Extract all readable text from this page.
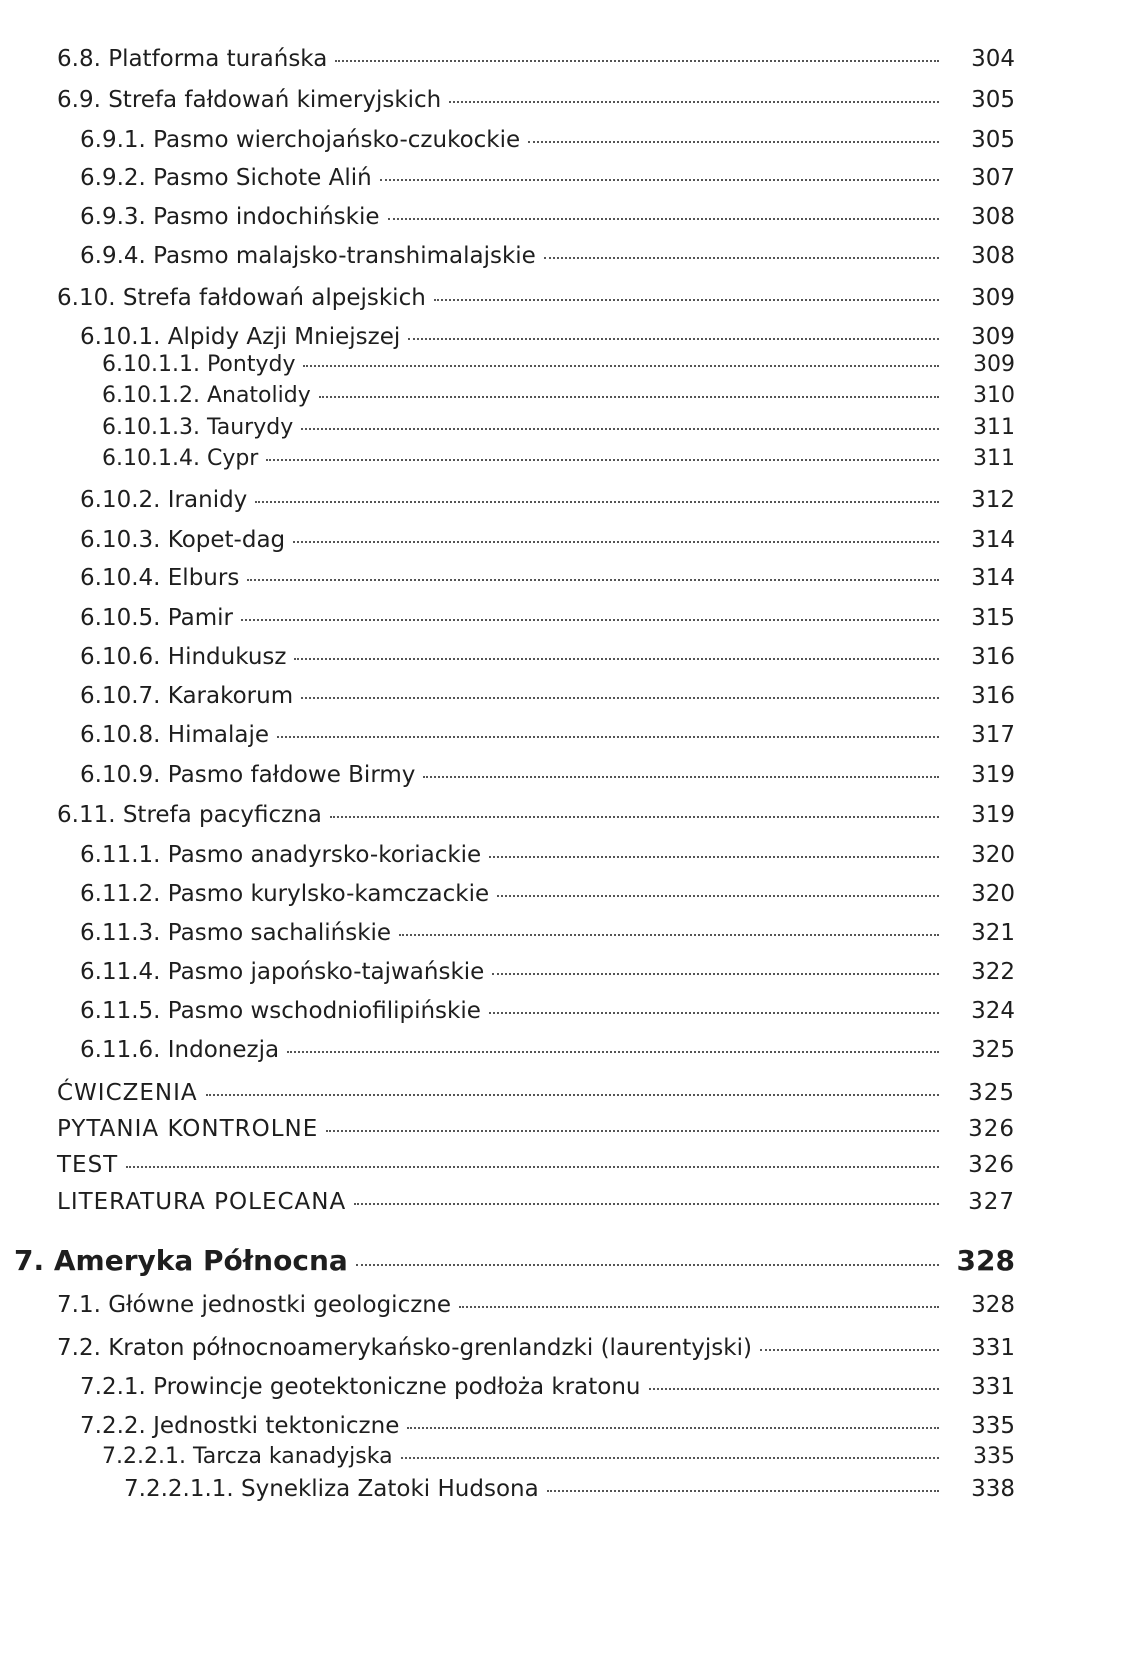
6.8. Platforma turańska	304
6.9. Strefa fałdowań kimeryjskich	305
6.9.1. Pasmo wierchojańsko-czukockie	305
6.9.2. Pasmo Sichote Aliń	307
6.9.3. Pasmo indochińskie	308
6.9.4. Pasmo malajsko-transhimalajskie	308
6.10. Strefa fałdowań alpejskich	309
6.10.1. Alpidy Azji Mniejszej	309
6.10.1.1. Pontydy	309
6.10.1.2. Anatolidy	310
6.10.1.3. Taurydy	311
6.10.1.4. Cypr	311
6.10.2. Iranidy	312
6.10.3. Kopet-dag	314
6.10.4. Elburs	314
6.10.5. Pamir	315
6.10.6. Hindukusz	316
6.10.7. Karakorum	316
6.10.8. Himalaje	317
6.10.9. Pasmo fałdowe Birmy	319
6.11. Strefa pacyficzna	319
6.11.1. Pasmo anadyrsko-koriackie	320
6.11.2. Pasmo kurylsko-kamczackie	320
6.11.3. Pasmo sachalińskie	321
6.11.4. Pasmo japońsko-tajwańskie	322
6.11.5. Pasmo wschodniofilipińskie	324
6.11.6. Indonezja	325
ĆWICZENIA	325
PYTANIA KONTROLNE	326
TEST	326
LITERATURA POLECANA	327
7. Ameryka Północna	328
7.1. Główne jednostki geologiczne	328
7.2. Kraton północnoamerykańsko-grenlandzki (laurentyjski)	331
7.2.1. Prowincje geotektoniczne podłoża kratonu	331
7.2.2. Jednostki tektoniczne	335
7.2.2.1. Tarcza kanadyjska	335
7.2.2.1.1. Synekliza Zatoki Hudsona	338
